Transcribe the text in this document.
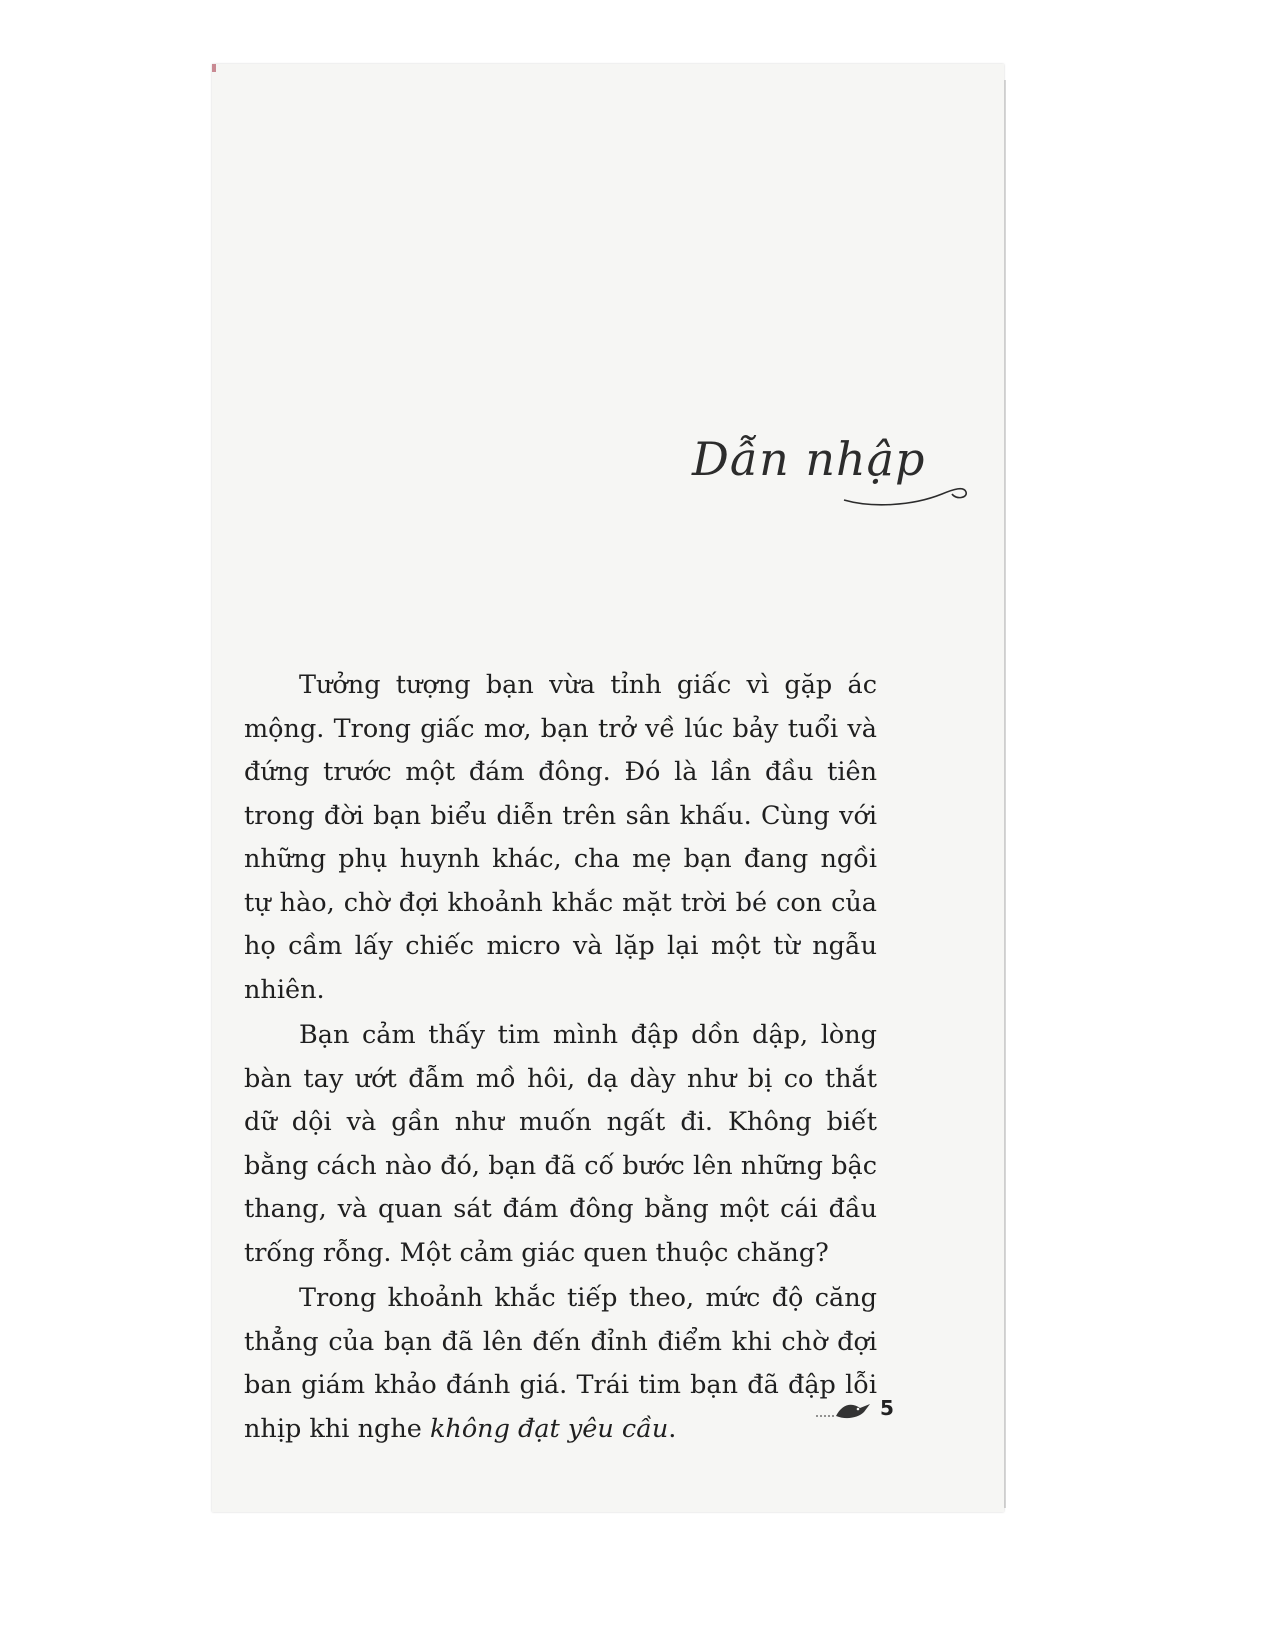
Dẫn nhập

Tưởng tượng bạn vừa tỉnh giấc vì gặp ác mộng. Trong giấc mơ, bạn trở về lúc bảy tuổi và đứng trước một đám đông. Đó là lần đầu tiên trong đời bạn biểu diễn trên sân khấu. Cùng với những phụ huynh khác, cha mẹ bạn đang ngồi tự hào, chờ đợi khoảnh khắc mặt trời bé con của họ cầm lấy chiếc micro và lặp lại một từ ngẫu nhiên.

Bạn cảm thấy tim mình đập dồn dập, lòng bàn tay ướt đẫm mồ hôi, dạ dày như bị co thắt dữ dội và gần như muốn ngất đi. Không biết bằng cách nào đó, bạn đã cố bước lên những bậc thang, và quan sát đám đông bằng một cái đầu trống rỗng. Một cảm giác quen thuộc chăng?

Trong khoảnh khắc tiếp theo, mức độ căng thẳng của bạn đã lên đến đỉnh điểm khi chờ đợi ban giám khảo đánh giá. Trái tim bạn đã đập lỗi nhịp khi nghe không đạt yêu cầu.

5
